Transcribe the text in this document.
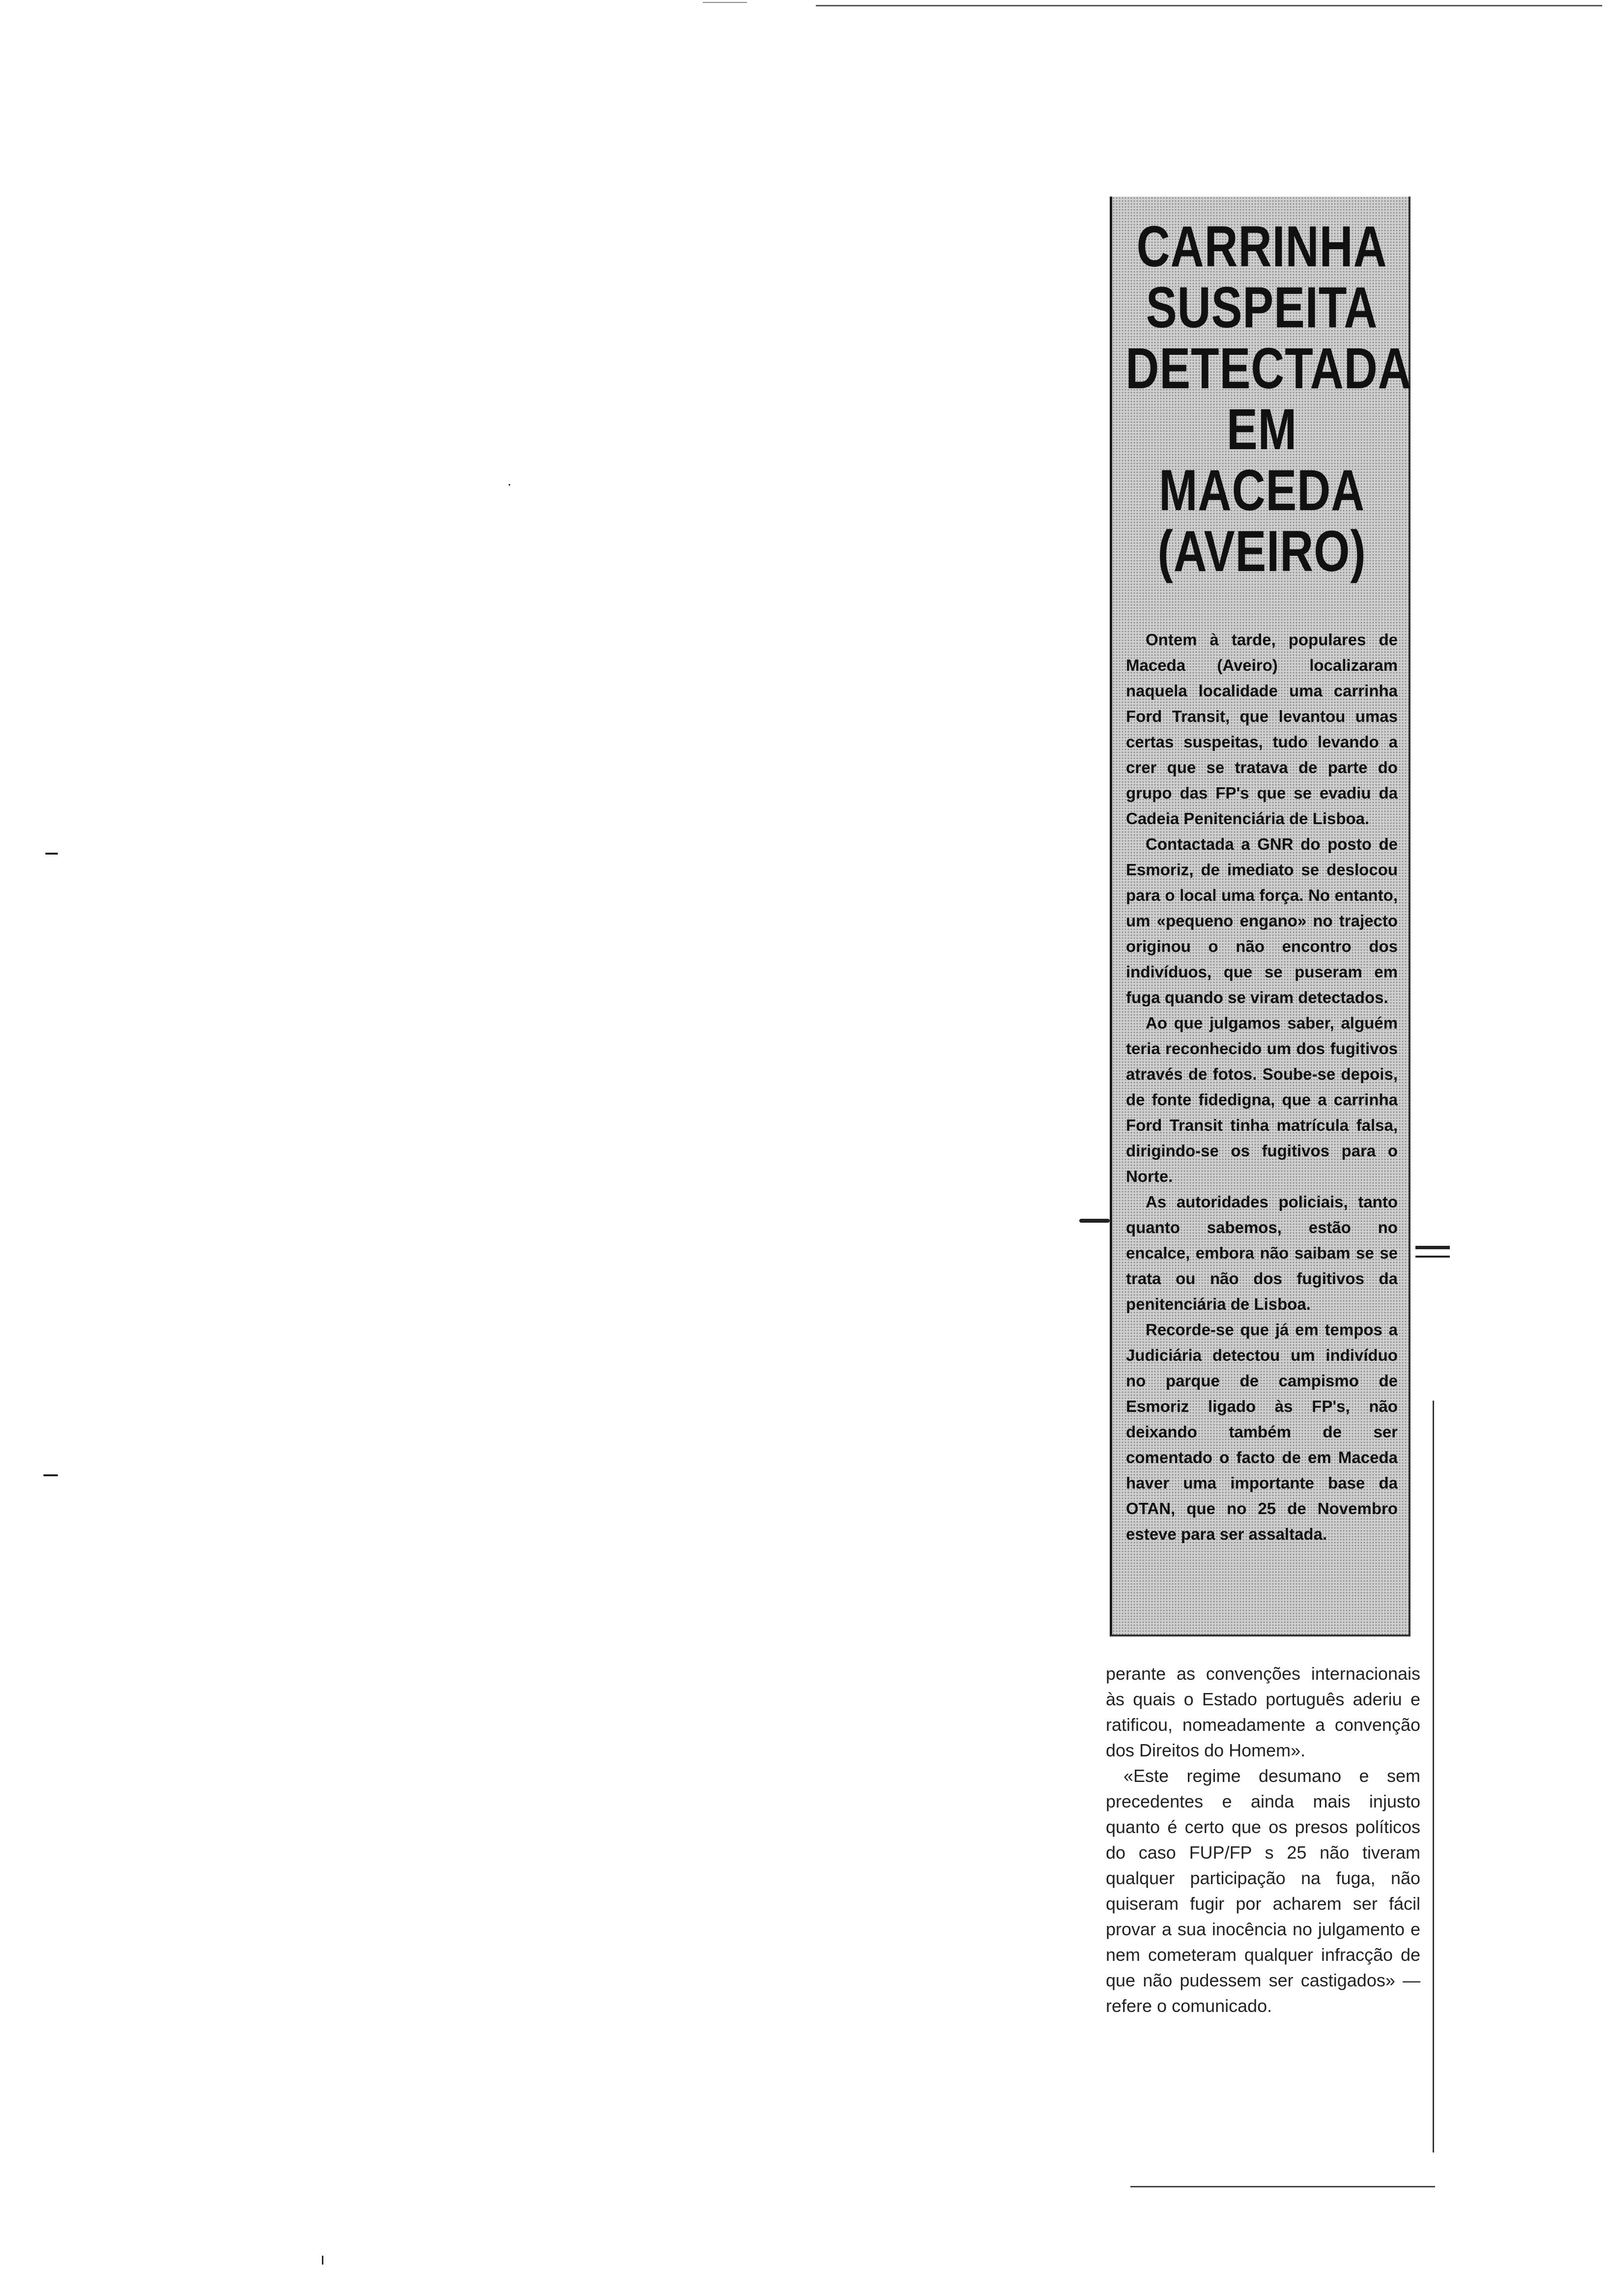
CARRINHA
SUSPEITA
DETECTADA
EM MACEDA
(AVEIRO)

Ontem à tarde, populares de Maceda (Aveiro) localizaram naquela localidade uma carrinha Ford Transit, que levantou umas certas suspeitas, tudo levando a crer que se tratava de parte do grupo das FP's que se evadiu da Cadeia Penitenciária de Lisboa.

Contactada a GNR do posto de Esmoriz, de imediato se deslocou para o local uma força. No entanto, um «pequeno engano» no trajecto originou o não encontro dos indivíduos, que se puseram em fuga quando se viram detectados.

Ao que julgamos saber, alguém teria reconhecido um dos fugitivos através de fotos. Soube-se depois, de fonte fidedigna, que a carrinha Ford Transit tinha matrícula falsa, dirigindo-se os fugitivos para o Norte.

As autoridades policiais, tanto quanto sabemos, estão no encalce, embora não saibam se se trata ou não dos fugitivos da penitenciária de Lisboa.

Recorde-se que já em tempos a Judiciária detectou um indivíduo no parque de campismo de Esmoriz ligado às FP's, não deixando também de ser comentado o facto de em Maceda haver uma importante base da OTAN, que no 25 de Novembro esteve para ser assaltada.

perante as convenções internacionais às quais o Estado português aderiu e ratificou, nomeadamente a convenção dos Direitos do Homem».

«Este regime desumano e sem precedentes e ainda mais injusto quanto é certo que os presos políticos do caso FUP/FP s 25 não tiveram qualquer participação na fuga, não quiseram fugir por acharem ser fácil provar a sua inocência no julgamento e nem cometeram qualquer infracção de que não pudessem ser castigados» — refere o comunicado.
